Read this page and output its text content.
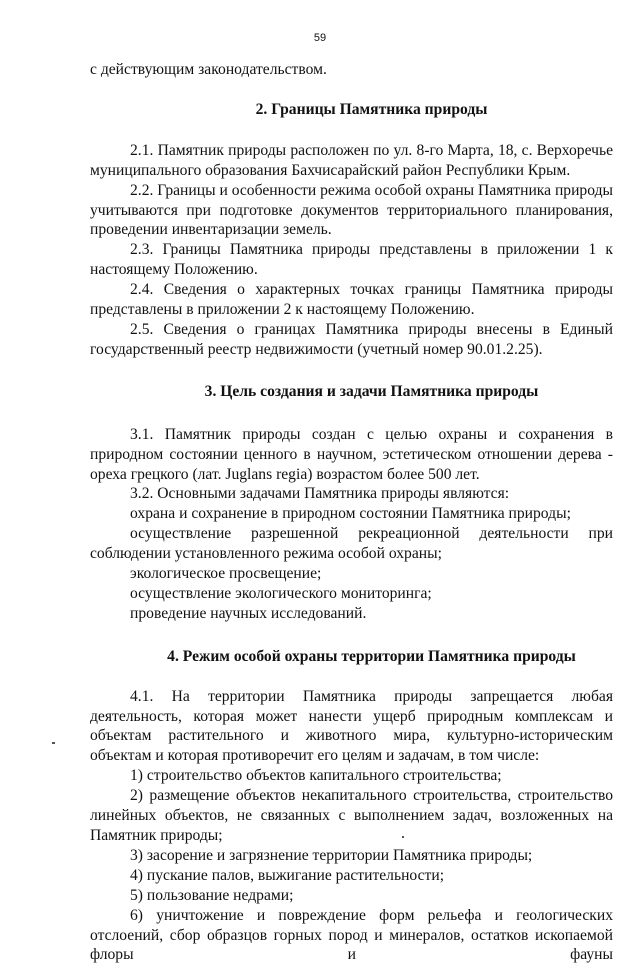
59

с действующим законодательством.

2. Границы Памятника природы

2.1. Памятник природы расположен по ул. 8-го Марта, 18, с. Верхоречье муниципального образования Бахчисарайский район Республики Крым.

2.2. Границы и особенности режима особой охраны Памятника природы учитываются при подготовке документов территориального планирования, проведении инвентаризации земель.

2.3. Границы Памятника природы представлены в приложении 1 к настоящему Положению.

2.4. Сведения о характерных точках границы Памятника природы представлены в приложении 2 к настоящему Положению.

2.5. Сведения о границах Памятника природы внесены в Единый государственный реестр недвижимости (учетный номер 90.01.2.25).

3. Цель создания и задачи Памятника природы

3.1. Памятник природы создан с целью охраны и сохранения в природном состоянии ценного в научном, эстетическом отношении дерева - ореха грецкого (лат. Juglans regia) возрастом более 500 лет.

3.2. Основными задачами Памятника природы являются:

охрана и сохранение в природном состоянии Памятника природы;

осуществление разрешенной рекреационной деятельности при соблюдении установленного режима особой охраны;

экологическое просвещение;

осуществление экологического мониторинга;

проведение научных исследований.

4. Режим особой охраны территории Памятника природы

4.1. На территории Памятника природы запрещается любая деятельность, которая может нанести ущерб природным комплексам и объектам растительного и животного мира, культурно-историческим объектам и которая противоречит его целям и задачам, в том числе:

1) строительство объектов капитального строительства;

2) размещение объектов некапитального строительства, строительство линейных объектов, не связанных с выполнением задач, возложенных на Памятник природы;

3) засорение и загрязнение территории Памятника природы;

4) пускание палов, выжигание растительности;

5) пользование недрами;

6) уничтожение и повреждение форм рельефа и геологических отслоений, сбор образцов горных пород и минералов, остатков ископаемой флоры и фауны
